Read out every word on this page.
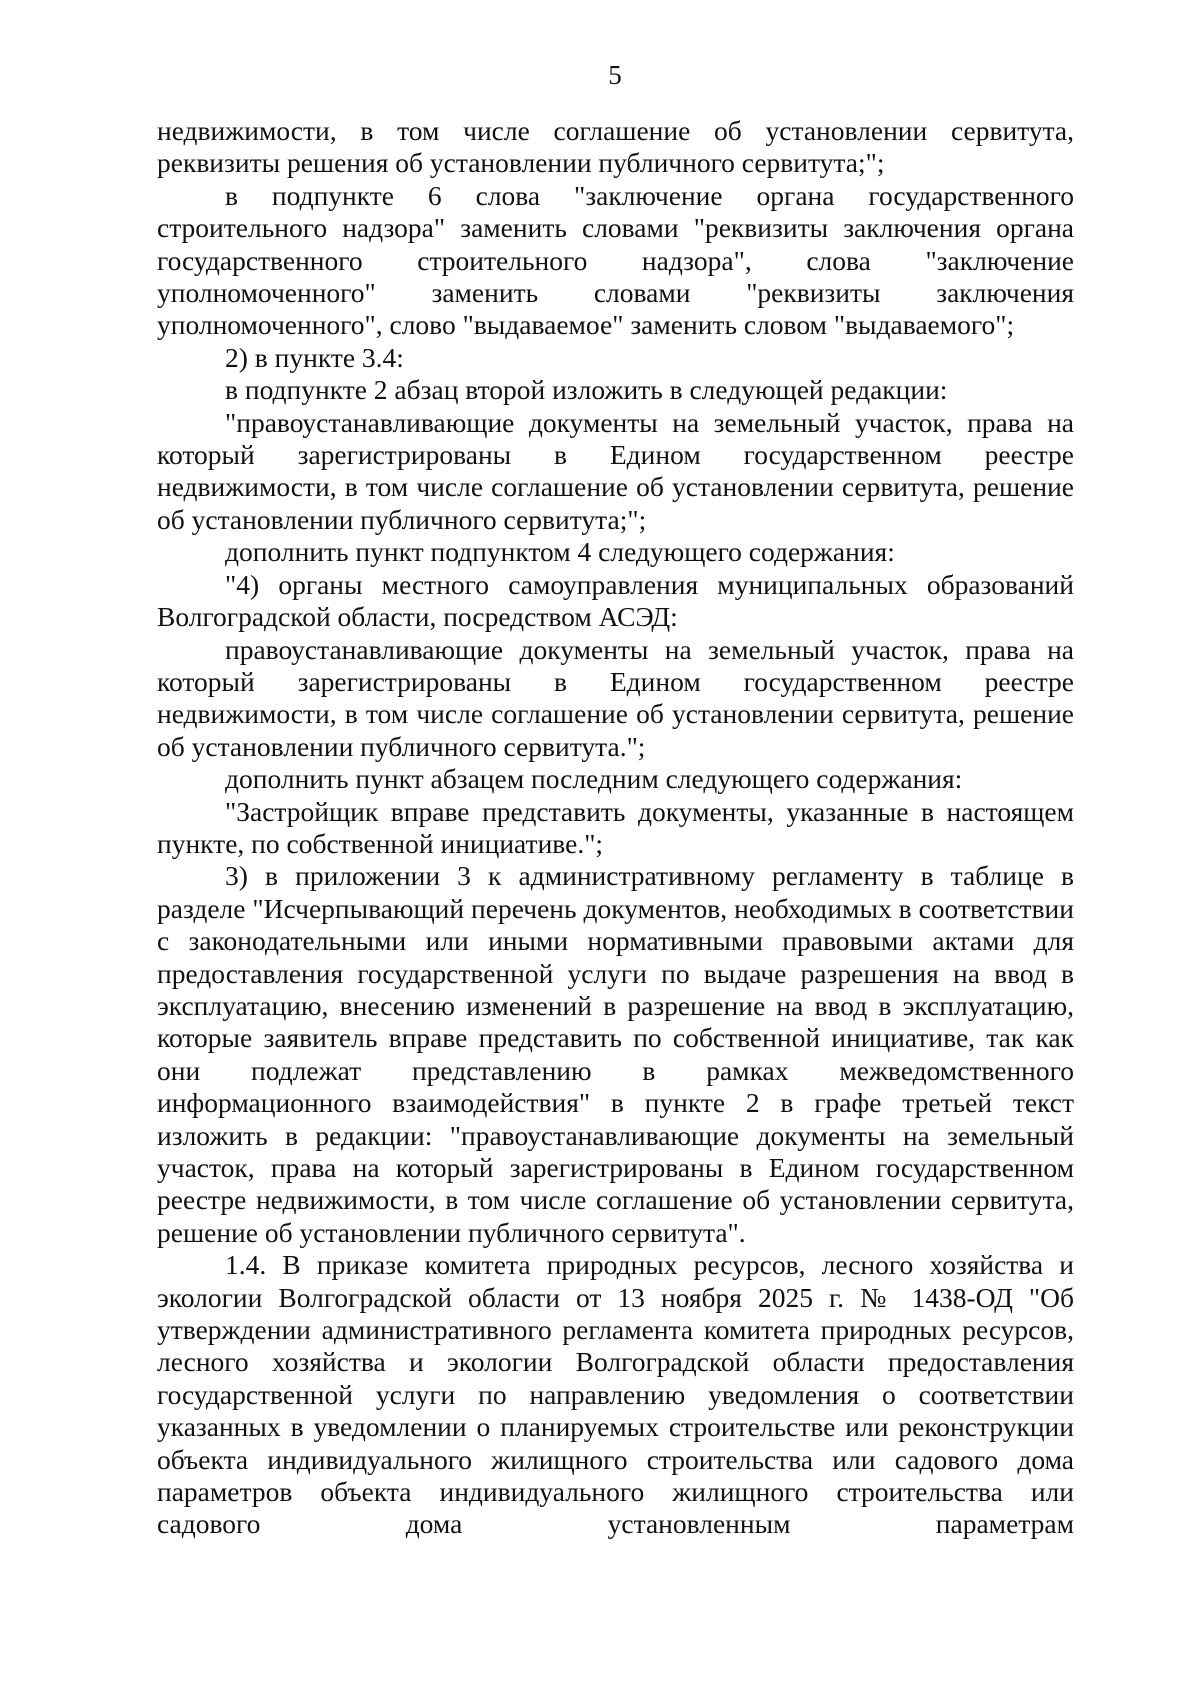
5

недвижимости, в том числе соглашение об установлении сервитута, реквизиты решения об установлении публичного сервитута;";

в подпункте 6 слова "заключение органа государственного строительного надзора" заменить словами "реквизиты заключения органа государственного строительного надзора", слова "заключение уполномоченного" заменить словами "реквизиты заключения уполномоченного", слово "выдаваемое" заменить словом "выдаваемого";

2) в пункте 3.4:

в подпункте 2 абзац второй изложить в следующей редакции:

"правоустанавливающие документы на земельный участок, права на который зарегистрированы в Едином государственном реестре недвижимости, в том числе соглашение об установлении сервитута, решение об установлении публичного сервитута;";

дополнить пункт подпунктом 4 следующего содержания:

"4) органы местного самоуправления муниципальных образований Волгоградской области, посредством АСЭД:

правоустанавливающие документы на земельный участок, права на который зарегистрированы в Едином государственном реестре недвижимости, в том числе соглашение об установлении сервитута, решение об установлении публичного сервитута.";

дополнить пункт абзацем последним следующего содержания:

"Застройщик вправе представить документы, указанные в настоящем пункте, по собственной инициативе.";

3) в приложении 3 к административному регламенту в таблице в разделе "Исчерпывающий перечень документов, необходимых в соответствии с законодательными или иными нормативными правовыми актами для предоставления государственной услуги по выдаче разрешения на ввод в эксплуатацию, внесению изменений в разрешение на ввод в эксплуатацию, которые заявитель вправе представить по собственной инициативе, так как они подлежат представлению в рамках межведомственного информационного взаимодействия" в пункте 2 в графе третьей текст изложить в редакции: "правоустанавливающие документы на земельный участок, права на который зарегистрированы в Едином государственном реестре недвижимости, в том числе соглашение об установлении сервитута, решение об установлении публичного сервитута".

1.4. В приказе комитета природных ресурсов, лесного хозяйства и экологии Волгоградской области от 13 ноября 2025 г. № 1438-ОД "Об утверждении административного регламента комитета природных ресурсов, лесного хозяйства и экологии Волгоградской области предоставления государственной услуги по направлению уведомления о соответствии указанных в уведомлении о планируемых строительстве или реконструкции объекта индивидуального жилищного строительства или садового дома параметров объекта индивидуального жилищного строительства или садового дома установленным параметрам
